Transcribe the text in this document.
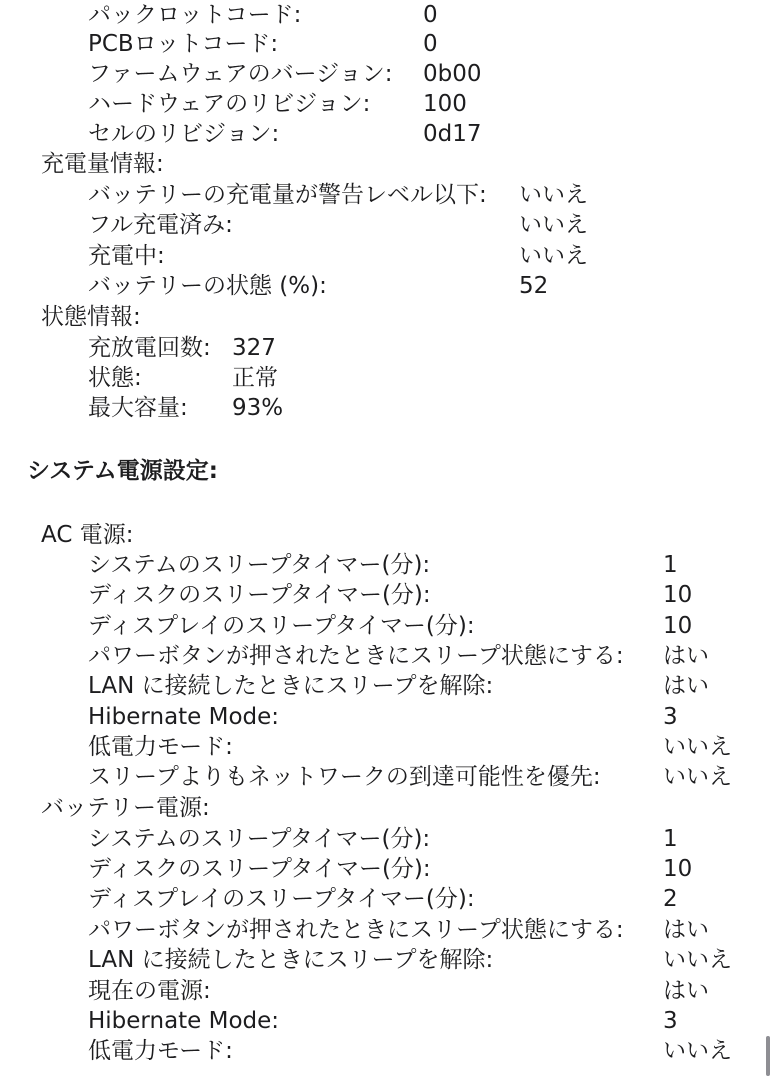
パックロットコード:	0
PCBロットコード:	0
ファームウェアのバージョン: 0b00
ハードウェアのリビジョン: 100
セルのリビジョン:	0d17
充電量情報:
バッテリーの充電量が警告レベル以下: いいえ
フル充電済み:	いいえ
充電中:	いいえ
バッテリーの状態 (%):	52
状態情報:
充放電回数: 327
状態:	正常
最大容量: 93%
システム電源設定:
AC 電源:
システムのスリープタイマー(分):	1
ディスクのスリープタイマー(分):	10
ディスプレイのスリープタイマー(分):	10
パワーボタンが押されたときにスリープ状態にする: はい
LAN に接続したときにスリープを解除:	はい
Hibernate Mode:	3
低電力モード:	いいえ
スリープよりもネットワークの到達可能性を優先:	いいえ
バッテリー電源:
システムのスリープタイマー(分):	1
ディスクのスリープタイマー(分):	10
ディスプレイのスリープタイマー(分):	2
パワーボタンが押されたときにスリープ状態にする: はい
LAN に接続したときにスリープを解除:	いいえ
現在の電源:	はい
Hibernate Mode:	3
低電力モード:	いいえ
